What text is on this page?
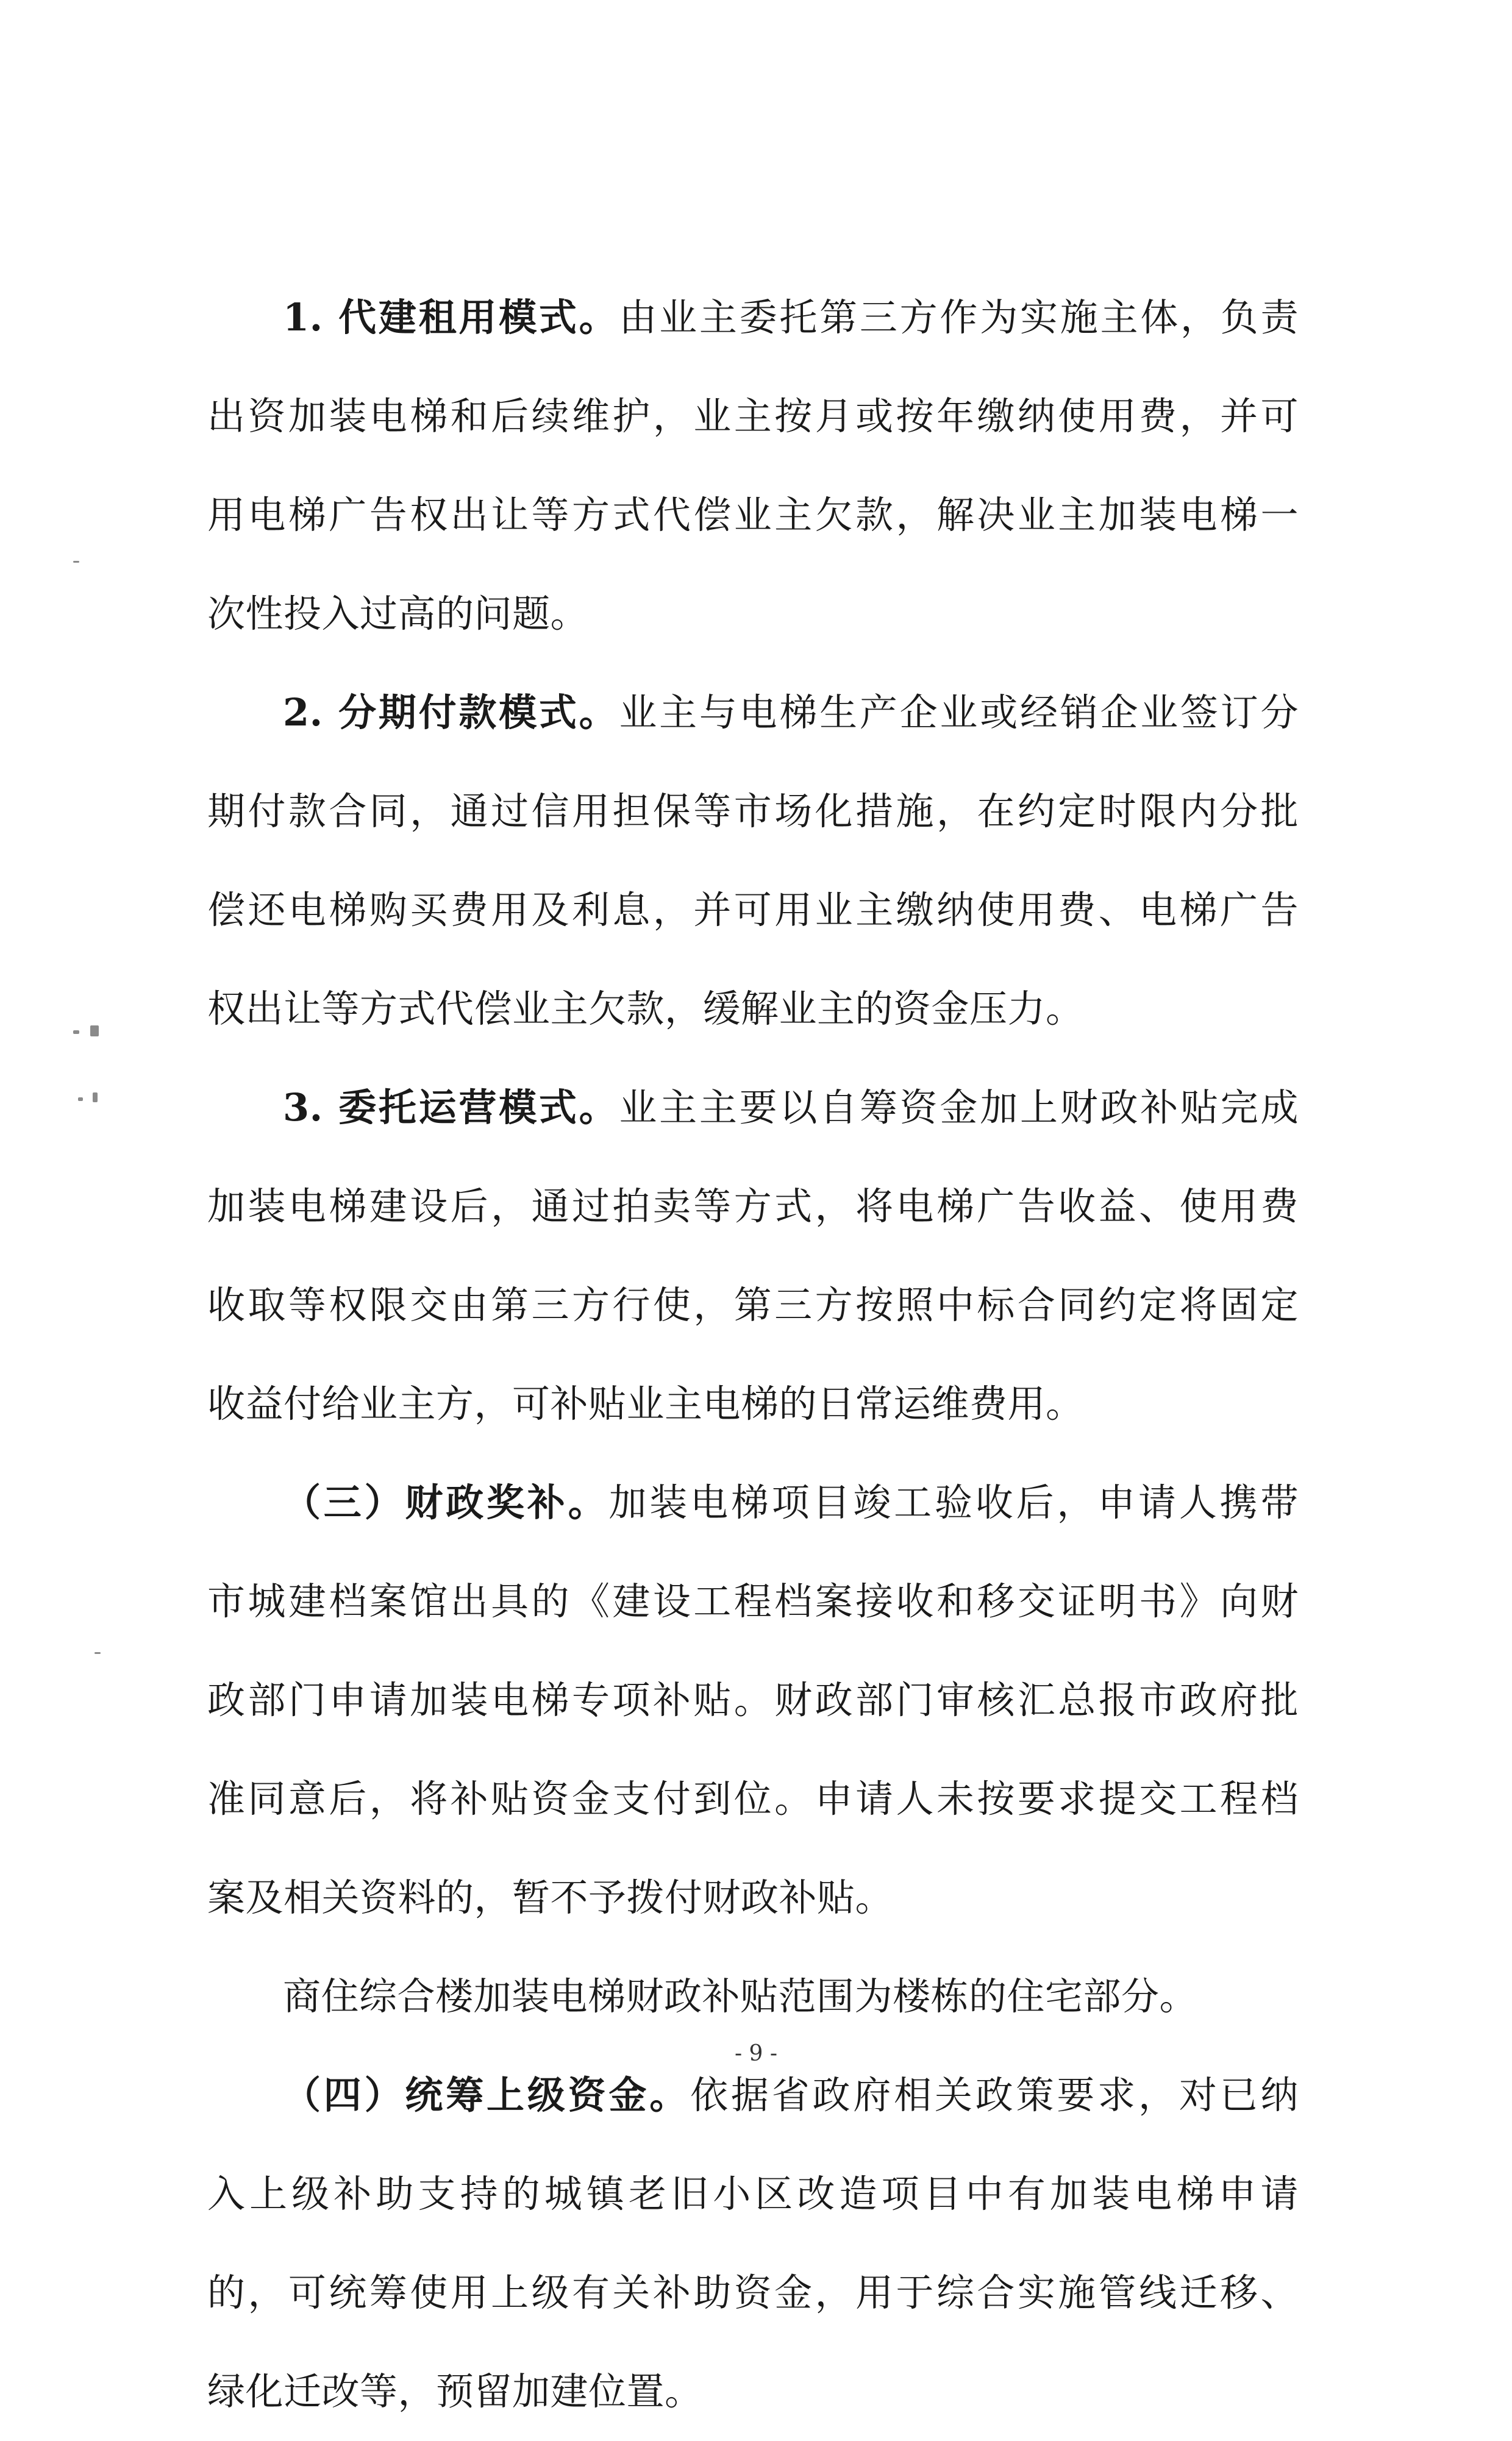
1. 代建租用模式。由业主委托第三方作为实施主体，负责
出资加装电梯和后续维护，业主按月或按年缴纳使用费，并可
用电梯广告权出让等方式代偿业主欠款，解决业主加装电梯一
次性投入过高的问题。
2. 分期付款模式。业主与电梯生产企业或经销企业签订分
期付款合同，通过信用担保等市场化措施，在约定时限内分批
偿还电梯购买费用及利息，并可用业主缴纳使用费、电梯广告
权出让等方式代偿业主欠款，缓解业主的资金压力。
3. 委托运营模式。业主主要以自筹资金加上财政补贴完成
加装电梯建设后，通过拍卖等方式，将电梯广告收益、使用费
收取等权限交由第三方行使，第三方按照中标合同约定将固定
收益付给业主方，可补贴业主电梯的日常运维费用。
（三）财政奖补。加装电梯项目竣工验收后，申请人携带
市城建档案馆出具的《建设工程档案接收和移交证明书》向财
政部门申请加装电梯专项补贴。财政部门审核汇总报市政府批
准同意后，将补贴资金支付到位。申请人未按要求提交工程档
案及相关资料的，暂不予拨付财政补贴。
商住综合楼加装电梯财政补贴范围为楼栋的住宅部分。
（四）统筹上级资金。依据省政府相关政策要求，对已纳
入上级补助支持的城镇老旧小区改造项目中有加装电梯申请
的，可统筹使用上级有关补助资金，用于综合实施管线迁移、
绿化迁改等，预留加建位置。
- 9 -
